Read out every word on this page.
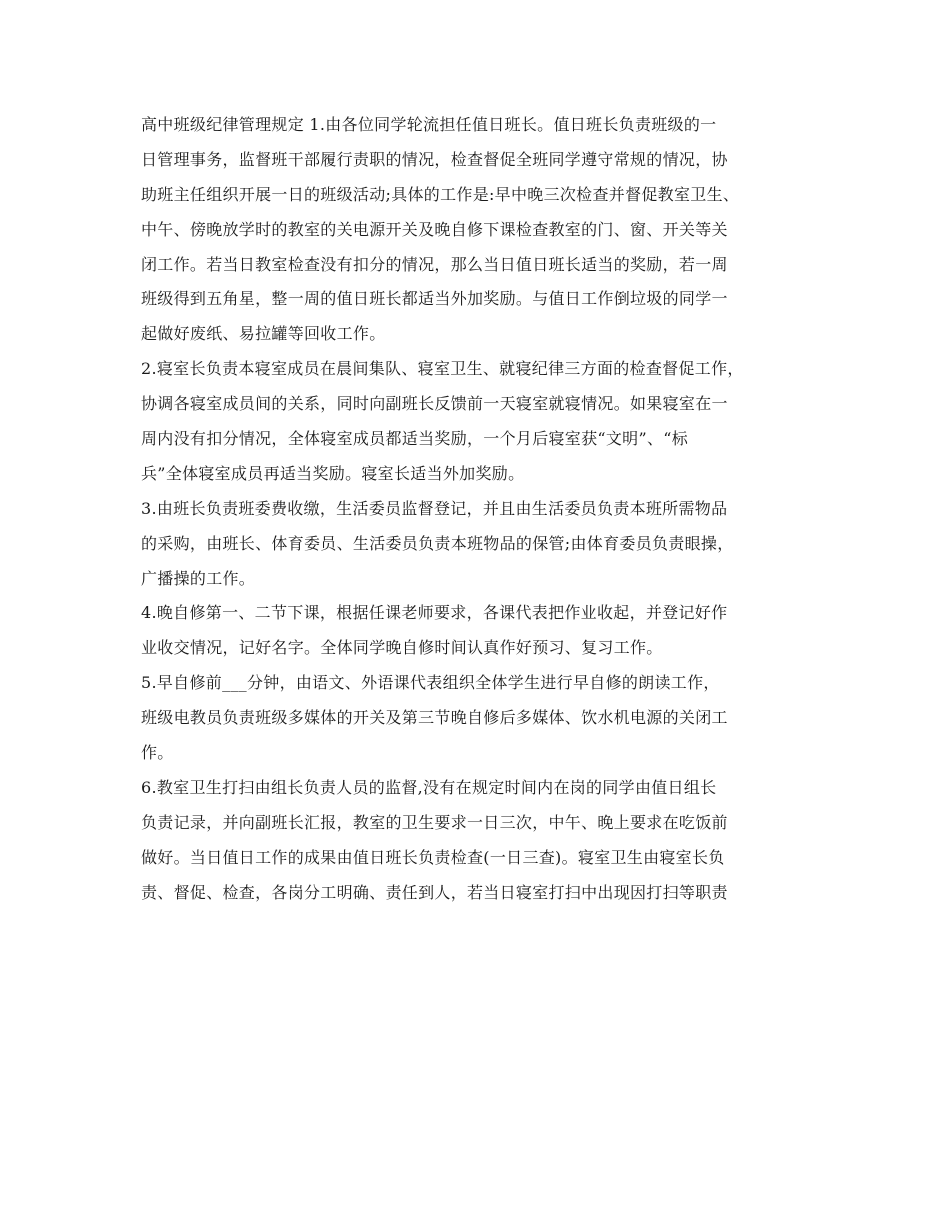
高中班级纪律管理规定 1.由各位同学轮流担任值日班长。值日班长负责班级的一
日管理事务，监督班干部履行责职的情况，检查督促全班同学遵守常规的情况，协
助班主任组织开展一日的班级活动;具体的工作是:早中晚三次检查并督促教室卫生、
中午、傍晚放学时的教室的关电源开关及晚自修下课检查教室的门、窗、开关等关
闭工作。若当日教室检查没有扣分的情况，那么当日值日班长适当的奖励，若一周
班级得到五角星，整一周的值日班长都适当外加奖励。与值日工作倒垃圾的同学一
起做好废纸、易拉罐等回收工作。
2.寝室长负责本寝室成员在晨间集队、寝室卫生、就寝纪律三方面的检查督促工作，
协调各寝室成员间的关系，同时向副班长反馈前一天寝室就寝情况。如果寝室在一
周内没有扣分情况，全体寝室成员都适当奖励，一个月后寝室获“文明”、“标
兵”全体寝室成员再适当奖励。寝室长适当外加奖励。
3.由班长负责班委费收缴，生活委员监督登记，并且由生活委员负责本班所需物品
的采购，由班长、体育委员、生活委员负责本班物品的保管;由体育委员负责眼操，
广播操的工作。
4.晚自修第一、二节下课，根据任课老师要求，各课代表把作业收起，并登记好作
业收交情况，记好名字。全体同学晚自修时间认真作好预习、复习工作。
5.早自修前___分钟，由语文、外语课代表组织全体学生进行早自修的朗读工作，
班级电教员负责班级多媒体的开关及第三节晚自修后多媒体、饮水机电源的关闭工
作。
6.教室卫生打扫由组长负责人员的监督,没有在规定时间内在岗的同学由值日组长
负责记录，并向副班长汇报，教室的卫生要求一日三次，中午、晚上要求在吃饭前
做好。当日值日工作的成果由值日班长负责检查(一日三查)。寝室卫生由寝室长负
责、督促、检查，各岗分工明确、责任到人，若当日寝室打扫中出现因打扫等职责
